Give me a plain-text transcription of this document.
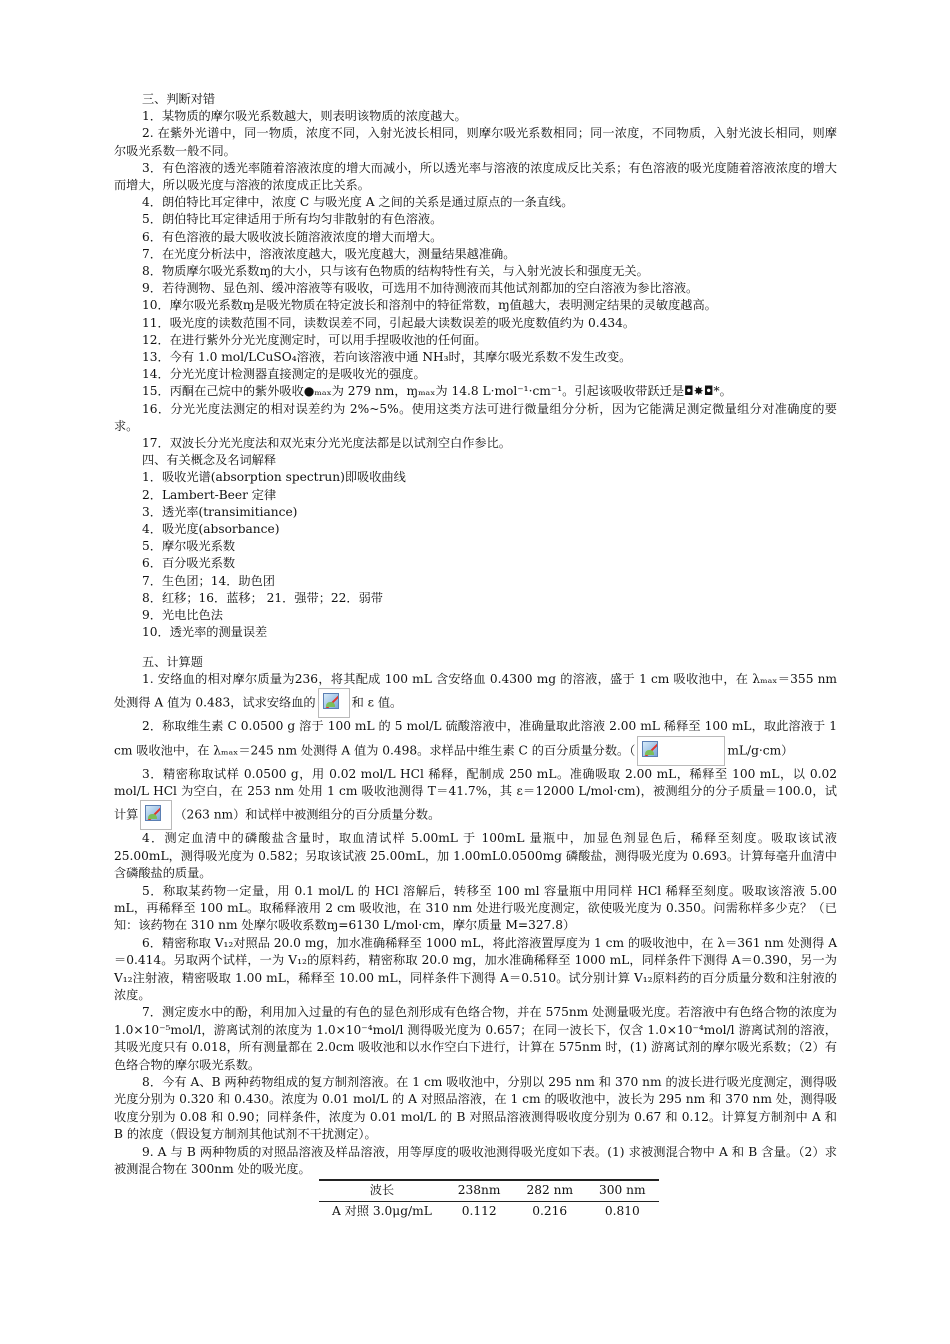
三、判断对错
1．某物质的摩尔吸光系数越大，则表明该物质的浓度越大。
2. 在紫外光谱中，同一物质，浓度不同，入射光波长相同，则摩尔吸光系数相同；同一浓度，不同物质，入射光波长相同，则摩尔吸光系数一般不同。
3．有色溶液的透光率随着溶液浓度的增大而减小，所以透光率与溶液的浓度成反比关系；有色溶液的吸光度随着溶液浓度的增大而增大，所以吸光度与溶液的浓度成正比关系。
4．朗伯特比耳定律中，浓度 C 与吸光度 A 之间的关系是通过原点的一条直线。
5．朗伯特比耳定律适用于所有均匀非散射的有色溶液。
6．有色溶液的最大吸收波长随溶液浓度的增大而增大。
7．在光度分析法中，溶液浓度越大，吸光度越大，测量结果越准确。
8．物质摩尔吸光系数ɱ的大小，只与该有色物质的结构特性有关，与入射光波长和强度无关。
9．若待测物、显色剂、缓冲溶液等有吸收，可选用不加待测液而其他试剂都加的空白溶液为参比溶液。
10．摩尔吸光系数ɱ是吸光物质在特定波长和溶剂中的特征常数，ɱ值越大，表明测定结果的灵敏度越高。
11．吸光度的读数范围不同，读数误差不同，引起最大读数误差的吸光度数值约为 0.434。
12．在进行紫外分光光度测定时，可以用手捏吸收池的任何面。
13．今有 1.0 mol/LCuSO₄溶液，若向该溶液中通 NH₃时，其摩尔吸光系数不发生改变。
14．分光光度计检测器直接测定的是吸收光的强度。
15．丙酮在己烷中的紫外吸收●ₘₐₓ为 279 nm，ɱₘₐₓ为 14.8 L·mol⁻¹·cm⁻¹。引起该吸收带跃迁是◘✸◘*。
16．分光光度法测定的相对误差约为 2%~5%。使用这类方法可进行微量组分分析，因为它能满足测定微量组分对准确度的要求。
17．双波长分光光度法和双光束分光光度法都是以试剂空白作参比。
四、有关概念及名词解释
1．吸收光谱(absorption spectrun)即吸收曲线
2．Lambert-Beer 定律
3．透光率(transimitiance)
4．吸光度(absorbance)
5．摩尔吸光系数
6．百分吸光系数
7．生色团；14．助色团
8．红移；16．蓝移； 21．强带；22．弱带
9．光电比色法
10．透光率的测量误差
五、计算题
1. 安络血的相对摩尔质量为236，将其配成 100 mL 含安络血 0.4300 mg 的溶液，盛于 1 cm 吸收池中，在 λₘₐₓ＝355 nm 处测得 A 值为 0.483，试求安络血的	和 ε 值。
2．称取维生素 C 0.0500 g 溶于 100 mL 的 5 mol/L 硫酸溶液中，准确量取此溶液 2.00 mL 稀释至 100 mL，取此溶液于 1 cm 吸收池中，在 λₘₐₓ＝245 nm 处测得 A 值为 0.498。求样品中维生素 C 的百分质量分数。（	mL/g·cm）
3．精密称取试样 0.0500 g，用 0.02 mol/L HCl 稀释，配制成 250 mL。准确吸取 2.00 mL，稀释至 100 mL，以 0.02 mol/L HCl 为空白，在 253 nm 处用 1 cm 吸收池测得 T＝41.7%，其 ε＝12000 L/mol·cm)，被测组分的分子质量＝100.0，试计算	（263 nm）和试样中被测组分的百分质量分数。
4．测定血清中的磷酸盐含量时，取血清试样 5.00mL 于 100mL 量瓶中，加显色剂显色后，稀释至刻度。吸取该试液 25.00mL，测得吸光度为 0.582；另取该试液 25.00mL，加 1.00mL0.0500mg 磷酸盐，测得吸光度为 0.693。计算每毫升血清中含磷酸盐的质量。
5．称取某药物一定量，用 0.1 mol/L 的 HCl 溶解后，转移至 100 ml 容量瓶中用同样 HCl 稀释至刻度。吸取该溶液 5.00 mL，再稀释至 100 mL。取稀释液用 2 cm 吸收池，在 310 nm 处进行吸光度测定，欲使吸光度为 0.350。问需称样多少克？（已知：该药物在 310 nm 处摩尔吸收系数ɱ=6130 L/mol·cm，摩尔质量 M=327.8）
6．精密称取 V₁₂对照品 20.0 mg，加水准确稀释至 1000 mL，将此溶液置厚度为 1 cm 的吸收池中，在 λ＝361 nm 处测得 A＝0.414。另取两个试样，一为 V₁₂的原料药，精密称取 20.0 mg，加水准确稀释至 1000 mL，同样条件下测得 A＝0.390，另一为 V₁₂注射液，精密吸取 1.00 mL，稀释至 10.00 mL，同样条件下测得 A＝0.510。试分别计算 V₁₂原料药的百分质量分数和注射液的浓度。
7．测定废水中的酚，利用加入过量的有色的显色剂形成有色络合物，并在 575nm 处测量吸光度。若溶液中有色络合物的浓度为 1.0×10⁻⁵mol/l，游离试剂的浓度为 1.0×10⁻⁴mol/l 测得吸光度为 0.657；在同一波长下，仅含 1.0×10⁻⁴mol/l 游离试剂的溶液，其吸光度只有 0.018，所有测量都在 2.0cm 吸收池和以水作空白下进行，计算在 575nm 时，(1) 游离试剂的摩尔吸光系数；（2）有色络合物的摩尔吸光系数。
8．今有 A、B 两种药物组成的复方制剂溶液。在 1 cm 吸收池中，分别以 295 nm 和 370 nm 的波长进行吸光度测定，测得吸光度分别为 0.320 和 0.430。浓度为 0.01 mol/L 的 A 对照品溶液，在 1 cm 的吸收池中，波长为 295 nm 和 370 nm 处，测得吸收度分别为 0.08 和 0.90；同样条件，浓度为 0.01 mol/L 的 B 对照品溶液测得吸收度分别为 0.67 和 0.12。计算复方制剂中 A 和 B 的浓度（假设复方制剂其他试剂不干扰测定）。
9. A 与 B 两种物质的对照品溶液及样品溶液，用等厚度的吸收池测得吸光度如下表。(1) 求被测混合物中 A 和 B 含量。（2）求被测混合物在 300nm 处的吸光度。
波长	238nm	282 nm	300 nm
A 对照 3.0μg/mL	0.112	0.216	0.810
